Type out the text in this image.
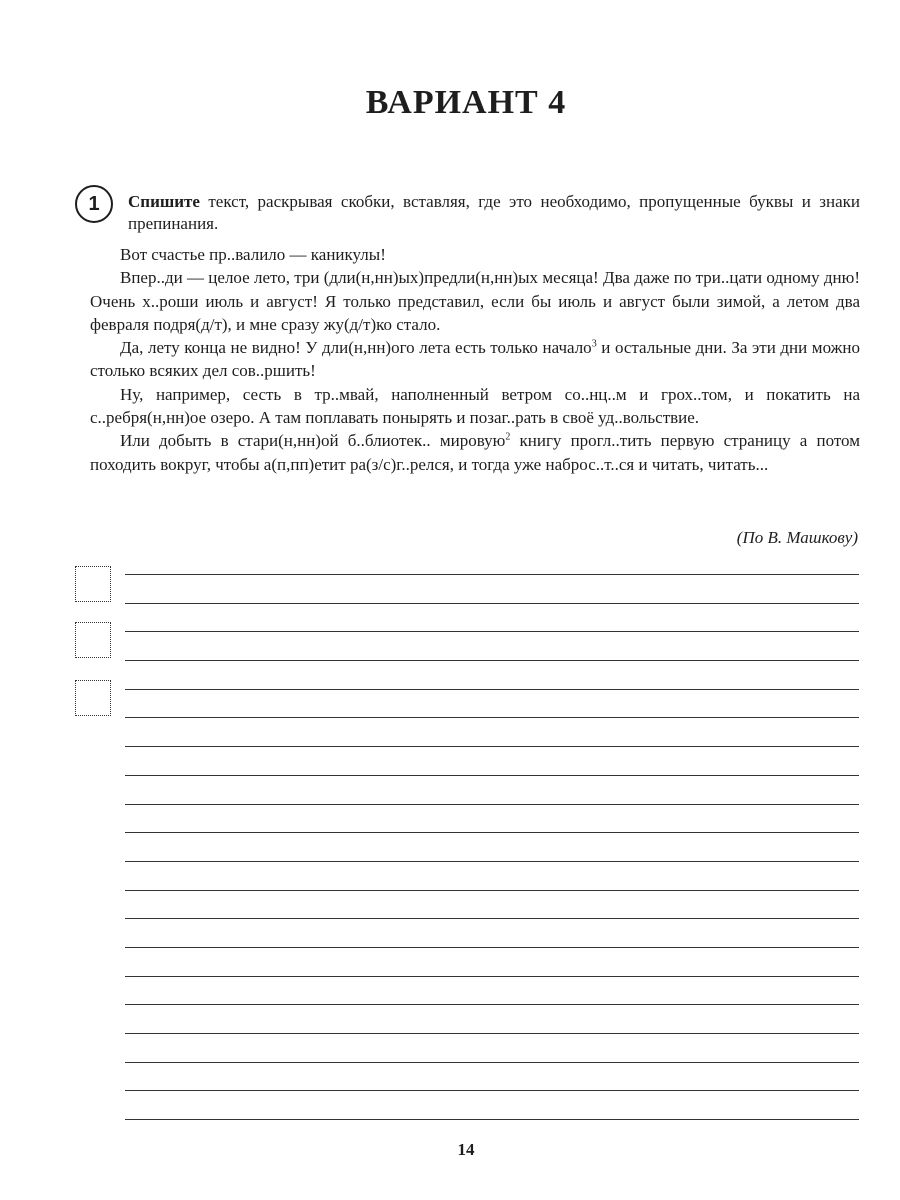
ВАРИАНТ 4
1	Спишите текст, раскрывая скобки, вставляя, где это необходимо, пропущенные буквы и знаки препинания.

Вот счастье пр..валило — каникулы!

Впер..ди — целое лето, три (дли(н,нн)ых)предли(н,нн)ых месяца! Два даже по три..цати одному дню! Очень х..роши июль и август! Я только представил, если бы июль и август были зимой, а летом два февраля подря(д/т), и мне сразу жу(д/т)ко стало.

Да, лету конца не видно! У дли(н,нн)ого лета есть только начало$^3$ и остальные дни. За эти дни можно столько всяких дел сов..ршить!

Ну, например, сесть в тр..мвай, наполненный ветром со..нц..м и грох..том, и покатить на с..ребря(н,нн)ое озеро. А там поплавать понырять и позаг..рать в своё уд..вольствие.

Или добыть в стари(н,нн)ой б..блиотек.. мировую$^2$ книгу прогл..тить первую страницу а потом походить вокруг, чтобы а(п,пп)етит ра(з/с)г..релся, и тогда уже наброс..т..ся и читать, читать...

(По В. Машкову)
14
